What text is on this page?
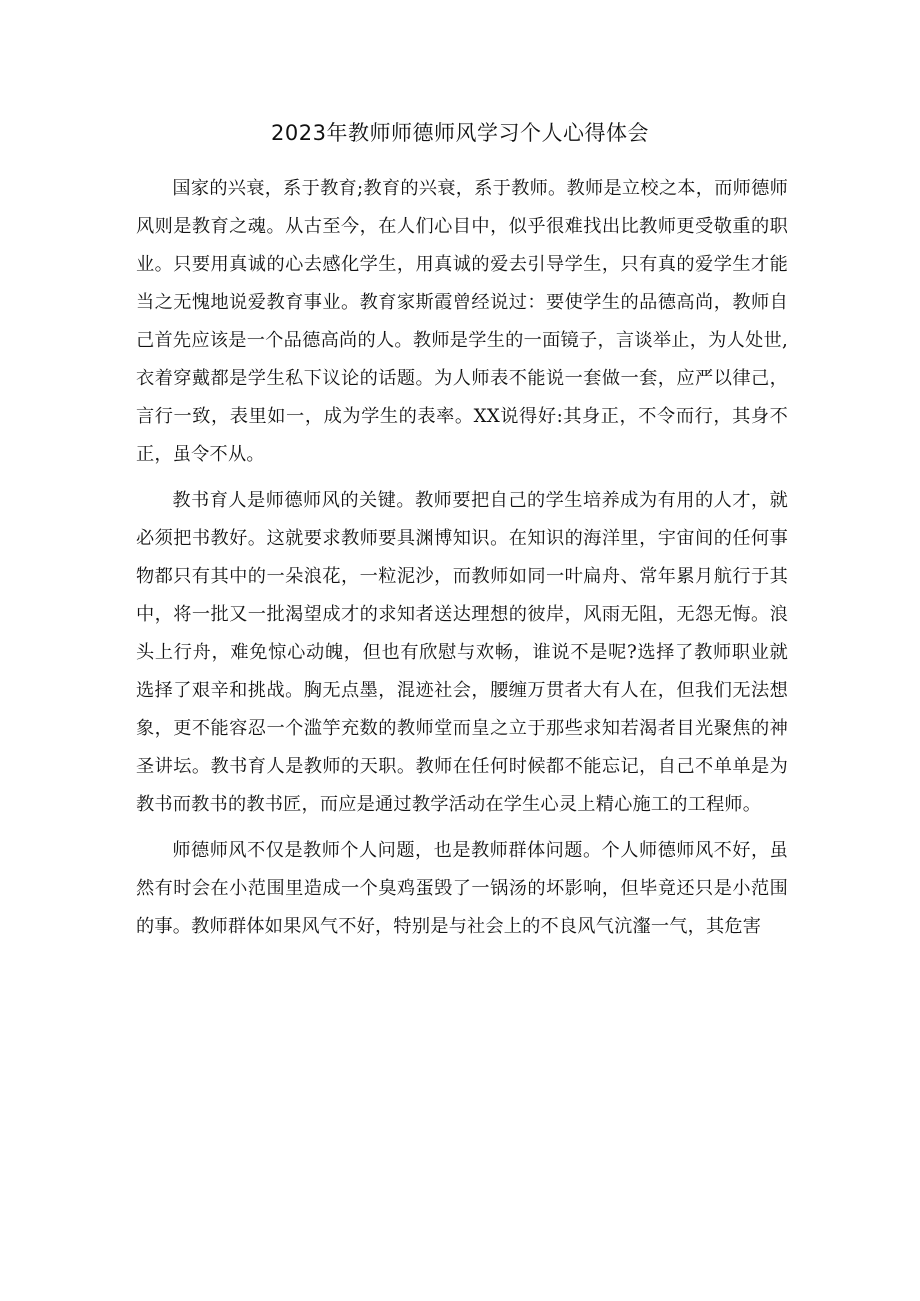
2023年教师师德师风学习个人心得体会

国家的兴衰，系于教育;教育的兴衰，系于教师。教师是立校之本，而师德师风则是教育之魂。从古至今，在人们心目中，似乎很难找出比教师更受敬重的职业。只要用真诚的心去感化学生，用真诚的爱去引导学生，只有真的爱学生才能当之无愧地说爱教育事业。教育家斯霞曾经说过：要使学生的品德高尚，教师自己首先应该是一个品德高尚的人。教师是学生的一面镜子，言谈举止，为人处世,衣着穿戴都是学生私下议论的话题。为人师表不能说一套做一套，应严以律己，言行一致，表里如一，成为学生的表率。XX说得好:其身正，不令而行，其身不正，虽令不从。

教书育人是师德师风的关键。教师要把自己的学生培养成为有用的人才，就必须把书教好。这就要求教师要具渊博知识。在知识的海洋里，宇宙间的任何事物都只有其中的一朵浪花，一粒泥沙，而教师如同一叶扁舟、常年累月航行于其中，将一批又一批渴望成才的求知者送达理想的彼岸，风雨无阻，无怨无悔。浪头上行舟，难免惊心动魄，但也有欣慰与欢畅，谁说不是呢?选择了教师职业就选择了艰辛和挑战。胸无点墨，混迹社会，腰缠万贯者大有人在，但我们无法想象，更不能容忍一个滥竽充数的教师堂而皇之立于那些求知若渴者目光聚焦的神圣讲坛。教书育人是教师的天职。教师在任何时候都不能忘记，自己不单单是为教书而教书的教书匠，而应是通过教学活动在学生心灵上精心施工的工程师。

师德师风不仅是教师个人问题，也是教师群体问题。个人师德师风不好，虽然有时会在小范围里造成一个臭鸡蛋毁了一锅汤的坏影响，但毕竟还只是小范围的事。教师群体如果风气不好，特别是与社会上的不良风气沆瀣一气，其危害
